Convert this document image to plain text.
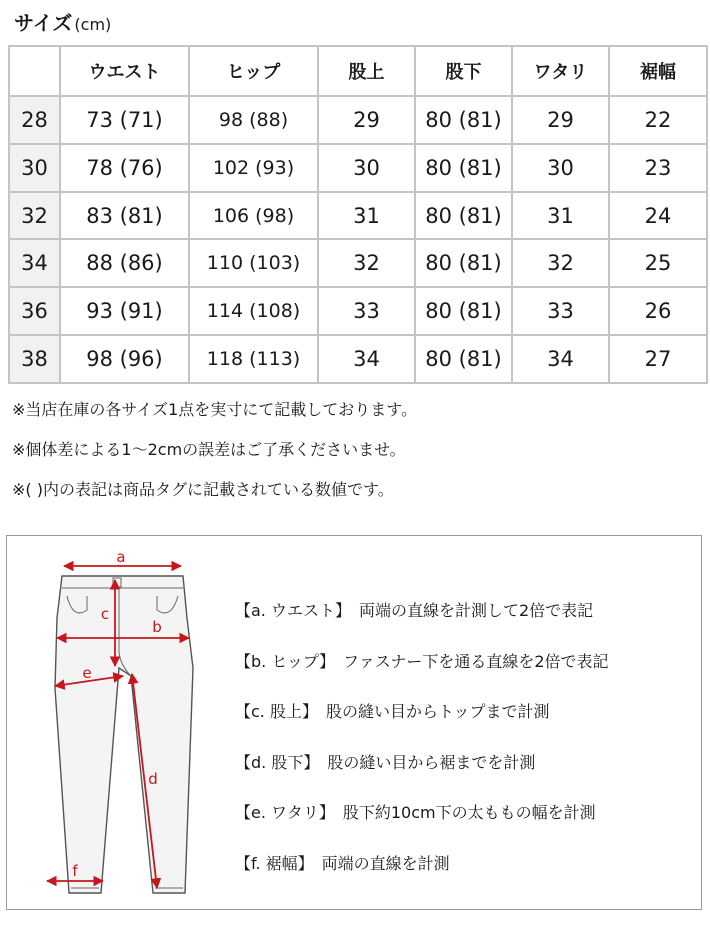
サイズ (cm)
	ウエスト	ヒップ	股上	股下	ワタリ	裾幅
28	73 (71)	98 (88)	29	80 (81)	29	22
30	78 (76)	102 (93)	30	80 (81)	30	23
32	83 (81)	106 (98)	31	80 (81)	31	24
34	88 (86)	110 (103)	32	80 (81)	32	25
36	93 (91)	114 (108)	33	80 (81)	33	26
38	98 (96)	118 (113)	34	80 (81)	34	27
※当店在庫の各サイズ1点を実寸にて記載しております。
※個体差による1〜2cmの誤差はご了承くださいませ。
※( )内の表記は商品タグに記載されている数値です。
a
b
c
d
e
f
【a. ウエスト】 両端の直線を計測して2倍で表記
【b. ヒップ】 ファスナー下を通る直線を2倍で表記
【c. 股上】 股の縫い目からトップまで計測
【d. 股下】 股の縫い目から裾までを計測
【e. ワタリ】 股下約10cm下の太ももの幅を計測
【f. 裾幅】 両端の直線を計測
